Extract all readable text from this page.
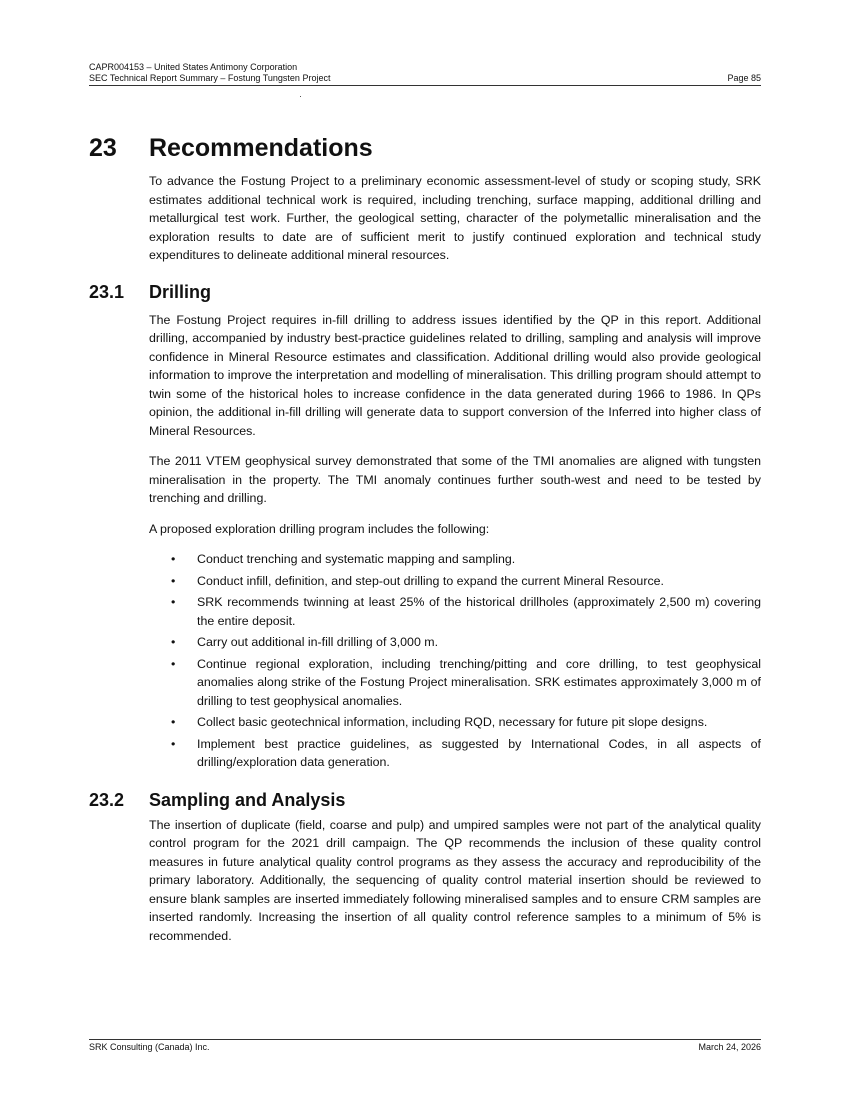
CAPR004153 – United States Antimony Corporation
SEC Technical Report Summary – Fostung Tungsten Project	Page 85
23	Recommendations

To advance the Fostung Project to a preliminary economic assessment-level of study or scoping study, SRK estimates additional technical work is required, including trenching, surface mapping, additional drilling and metallurgical test work. Further, the geological setting, character of the polymetallic mineralisation and the exploration results to date are of sufficient merit to justify continued exploration and technical study expenditures to delineate additional mineral resources.

23.1	Drilling

The Fostung Project requires in-fill drilling to address issues identified by the QP in this report. Additional drilling, accompanied by industry best-practice guidelines related to drilling, sampling and analysis will improve confidence in Mineral Resource estimates and classification. Additional drilling would also provide geological information to improve the interpretation and modelling of mineralisation. This drilling program should attempt to twin some of the historical holes to increase confidence in the data generated during 1966 to 1986. In QPs opinion, the additional in-fill drilling will generate data to support conversion of the Inferred into higher class of Mineral Resources.

The 2011 VTEM geophysical survey demonstrated that some of the TMI anomalies are aligned with tungsten mineralisation in the property. The TMI anomaly continues further south-west and need to be tested by trenching and drilling.

A proposed exploration drilling program includes the following:

• Conduct trenching and systematic mapping and sampling.
• Conduct infill, definition, and step-out drilling to expand the current Mineral Resource.
• SRK recommends twinning at least 25% of the historical drillholes (approximately 2,500 m) covering the entire deposit.
• Carry out additional in-fill drilling of 3,000 m.
• Continue regional exploration, including trenching/pitting and core drilling, to test geophysical anomalies along strike of the Fostung Project mineralisation. SRK estimates approximately 3,000 m of drilling to test geophysical anomalies.
• Collect basic geotechnical information, including RQD, necessary for future pit slope designs.
• Implement best practice guidelines, as suggested by International Codes, in all aspects of drilling/exploration data generation.
23.2	Sampling and Analysis

The insertion of duplicate (field, coarse and pulp) and umpired samples were not part of the analytical quality control program for the 2021 drill campaign. The QP recommends the inclusion of these quality control measures in future analytical quality control programs as they assess the accuracy and reproducibility of the primary laboratory. Additionally, the sequencing of quality control material insertion should be reviewed to ensure blank samples are inserted immediately following mineralised samples and to ensure CRM samples are inserted randomly. Increasing the insertion of all quality control reference samples to a minimum of 5% is recommended.

SRK Consulting (Canada) Inc.	March 24, 2026
